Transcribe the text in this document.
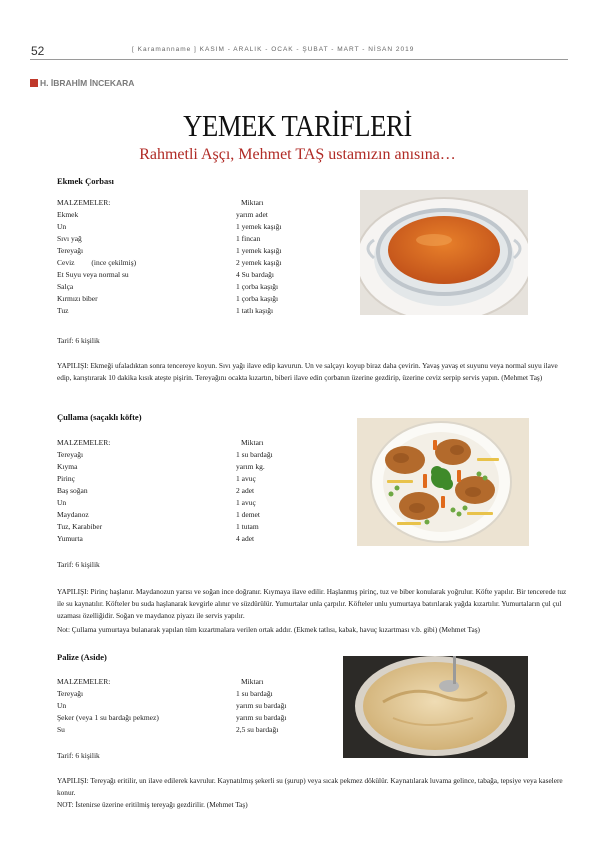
52	[ Karamanname ] KASIM - ARALIK - OCAK - ŞUBAT - MART - NİSAN 2019
H. İBRAHİM İNCEKARA
YEMEK TARİFLERİ
Rahmetli Aşçı, Mehmet TAŞ ustamızın anısına…
Ekmek Çorbası
MALZEMELER:	Miktarı
Ekmek	yarım adet
Un	1 yemek kaşığı
Sıvı yağ	1 fincan
Tereyağı	1 yemek kaşığı
Ceviz         (ince çekilmiş)	2 yemek kaşığı
Et Suyu veya normal su	4 Su bardağı
Salça	1 çorba kaşığı
Kırmızı biber	1 çorba kaşığı
Tuz	1 tatlı kaşığı
Tarif: 6 kişilik
YAPILIŞI: Ekmeği ufaladıktan sonra tencereye koyun. Sıvı yağı ilave edip kavurun. Un ve salçayı koyup biraz daha çevirin. Yavaş yavaş et suyunu veya normal suyu ilave edip, karıştırarak 10 dakika kısık ateşte pişirin. Tereyağını ocakta kızartın, biberi ilave edin çorbanın üzerine gezdirip, üzerine ceviz serpip servis yapın. (Mehmet Taş)
Çullama (saçaklı köfte)
MALZEMELER:	Miktarı
Tereyağı	1 su bardağı
Kıyma	yarım kg.
Pirinç	1 avuç
Baş soğan	2 adet
Un	1 avuç
Maydanoz	1 demet
Tuz, Karabiber	1 tutam
Yumurta	4 adet
Tarif: 6 kişilik
YAPILIŞI: Pirinç haşlanır. Maydanozun yarısı ve soğan ince doğranır. Kıymaya ilave edilir. Haşlanmış pirinç, tuz ve biber konularak yoğrulur. Köfte yapılır. Bir tencerede tuz ile su kaynatılır. Köfteler bu suda haşlanarak kevgirle alınır ve süzdürülür. Yumurtalar unla çarpılır. Köfteler unlu yumurtaya batırılarak yağda kızartılır. Yumurtaların çul çul uzaması özelliğidir. Soğan ve maydanoz piyazı ile servis yapılır.
Not: Çullama yumurtaya bulanarak yapılan tüm kızartmalara verilen ortak addır. (Ekmek tatlısı, kabak, havuç kızartması v.b. gibi) (Mehmet Taş)
Palize (Aside)
MALZEMELER:	Miktarı
Tereyağı	1 su bardağı
Un	yarım su bardağı
Şeker (veya 1 su bardağı pekmez)	yarım su bardağı
Su	2,5 su bardağı
Tarif: 6 kişilik
YAPILIŞI: Tereyağı eritilir, un ilave edilerek kavrulur. Kaynatılmış şekerli su (şurup) veya sıcak pekmez dökülür. Kaynatılarak luvama gelince, tabağa, tepsiye veya kaselere konur.
NOT: İstenirse üzerine eritilmiş tereyağı gezdirilir. (Mehmet Taş)
